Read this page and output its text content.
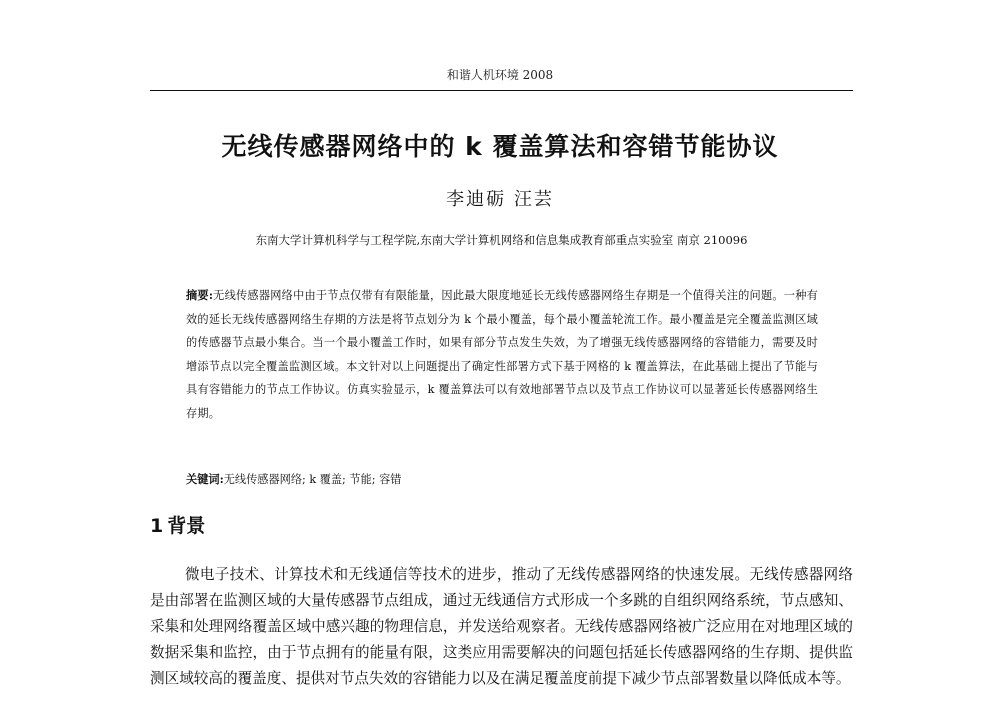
和谐人机环境 2008
无线传感器网络中的 k 覆盖算法和容错节能协议
李迪砺 汪芸
东南大学计算机科学与工程学院,东南大学计算机网络和信息集成教育部重点实验室 南京 210096
摘要:无线传感器网络中由于节点仅带有有限能量，因此最大限度地延长无线传感器网络生存期是一个值得关注的问题。一种有效的延长无线传感器网络生存期的方法是将节点划分为 k 个最小覆盖，每个最小覆盖轮流工作。最小覆盖是完全覆盖监测区域的传感器节点最小集合。当一个最小覆盖工作时，如果有部分节点发生失效，为了增强无线传感器网络的容错能力，需要及时增添节点以完全覆盖监测区域。本文针对以上问题提出了确定性部署方式下基于网格的 k 覆盖算法，在此基础上提出了节能与具有容错能力的节点工作协议。仿真实验显示，k 覆盖算法可以有效地部署节点以及节点工作协议可以显著延长传感器网络生存期。
关键词:无线传感器网络; k 覆盖; 节能; 容错
1 背景
微电子技术、计算技术和无线通信等技术的进步，推动了无线传感器网络的快速发展。无线传感器网络是由部署在监测区域的大量传感器节点组成，通过无线通信方式形成一个多跳的自组织网络系统，节点感知、采集和处理网络覆盖区域中感兴趣的物理信息，并发送给观察者。无线传感器网络被广泛应用在对地理区域的数据采集和监控，由于节点拥有的能量有限，这类应用需要解决的问题包括延长传感器网络的生存期、提供监测区域较高的覆盖度、提供对节点失效的容错能力以及在满足覆盖度前提下减少节点部署数量以降低成本等。
